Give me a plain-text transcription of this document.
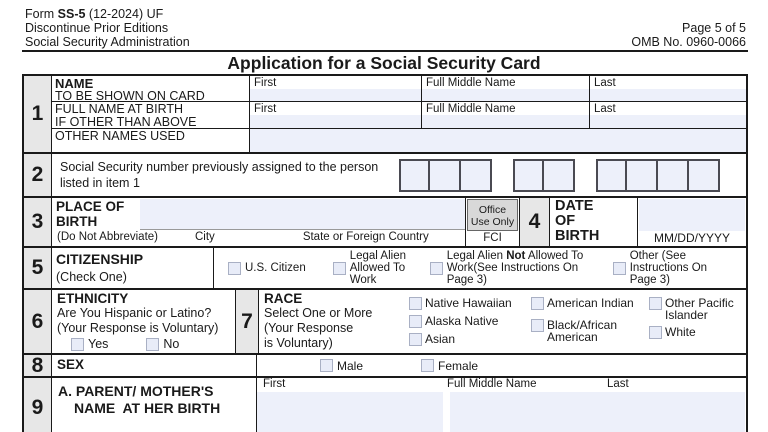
Form SS-5 (12-2024) UF
Discontinue Prior Editions
Social Security Administration
Page 5 of 5
OMB No. 0960-0066
Application for a Social Security Card
1
NAME
TO BE SHOWN ON CARD
First	Full Middle Name	Last
FULL NAME AT BIRTH
IF OTHER THAN ABOVE
First	Full Middle Name	Last
OTHER NAMES USED
2	Social Security number previously assigned to the person
listed in item 1
3
PLACE OF
BIRTH
(Do Not Abbreviate)	City	State or Foreign Country
Office
Use Only
FCI
4
DATE
OF
BIRTH	MM/DD/YYYY
5 CITIZENSHIP
(Check One)
U.S. Citizen
Legal Alien Allowed To Work
Legal Alien Not Allowed To Work(See Instructions On Page 3)
Other (See Instructions On Page 3)
6
ETHNICITY
Are You Hispanic or Latino?
(Your Response is Voluntary)
Yes	No
7
RACE
Select One or More
(Your Response
is Voluntary)
Native Hawaiian
Alaska Native
Asian
American Indian
Black/African American
Other Pacific Islander
White
8	SEX	Male	Female
9
A. PARENT/ MOTHER'S
NAME  AT HER BIRTH
First	Full Middle Name	Last
